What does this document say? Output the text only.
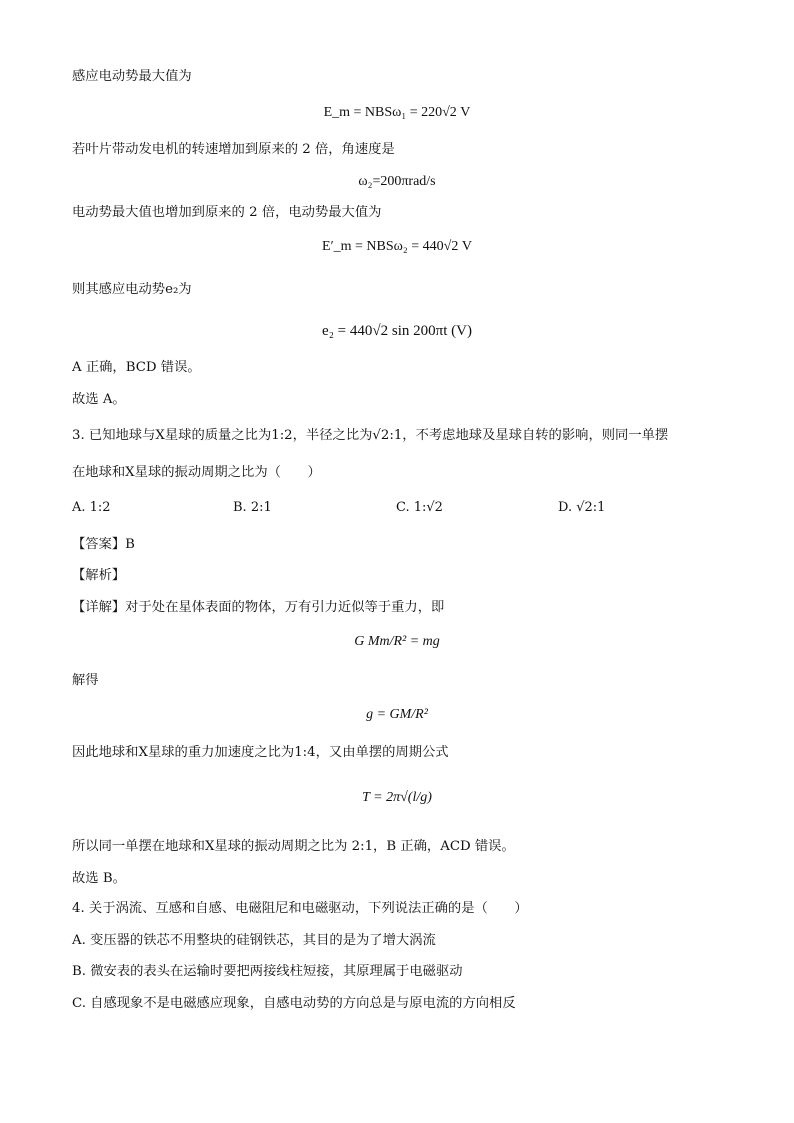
感应电动势最大值为
E_m = NBSω₁ = 220√2 V
若叶片带动发电机的转速增加到原来的 2 倍，角速度是
ω₂=200πrad/s
电动势最大值也增加到原来的 2 倍，电动势最大值为
E′_m = NBSω₂ = 440√2 V
则其感应电动势e₂为
e₂ = 440√2 sin 200πt (V)
A 正确，BCD 错误。
故选 A。
3. 已知地球与X星球的质量之比为1:2，半径之比为√2:1，不考虑地球及星球自转的影响，则同一单摆
在地球和X星球的振动周期之比为（　　）
A. 1:2	B. 2:1	C. 1:√2	D. √2:1
【答案】B
【解析】
【详解】对于处在星体表面的物体，万有引力近似等于重力，即
G Mm/R² = mg
解得
g = GM/R²
因此地球和X星球的重力加速度之比为1:4，又由单摆的周期公式
T = 2π√(l/g)
所以同一单摆在地球和X星球的振动周期之比为 2:1，B 正确，ACD 错误。
故选 B。
4. 关于涡流、互感和自感、电磁阻尼和电磁驱动，下列说法正确的是（　　）
A. 变压器的铁芯不用整块的硅钢铁芯，其目的是为了增大涡流
B. 微安表的表头在运输时要把两接线柱短接，其原理属于电磁驱动
C. 自感现象不是电磁感应现象，自感电动势的方向总是与原电流的方向相反
